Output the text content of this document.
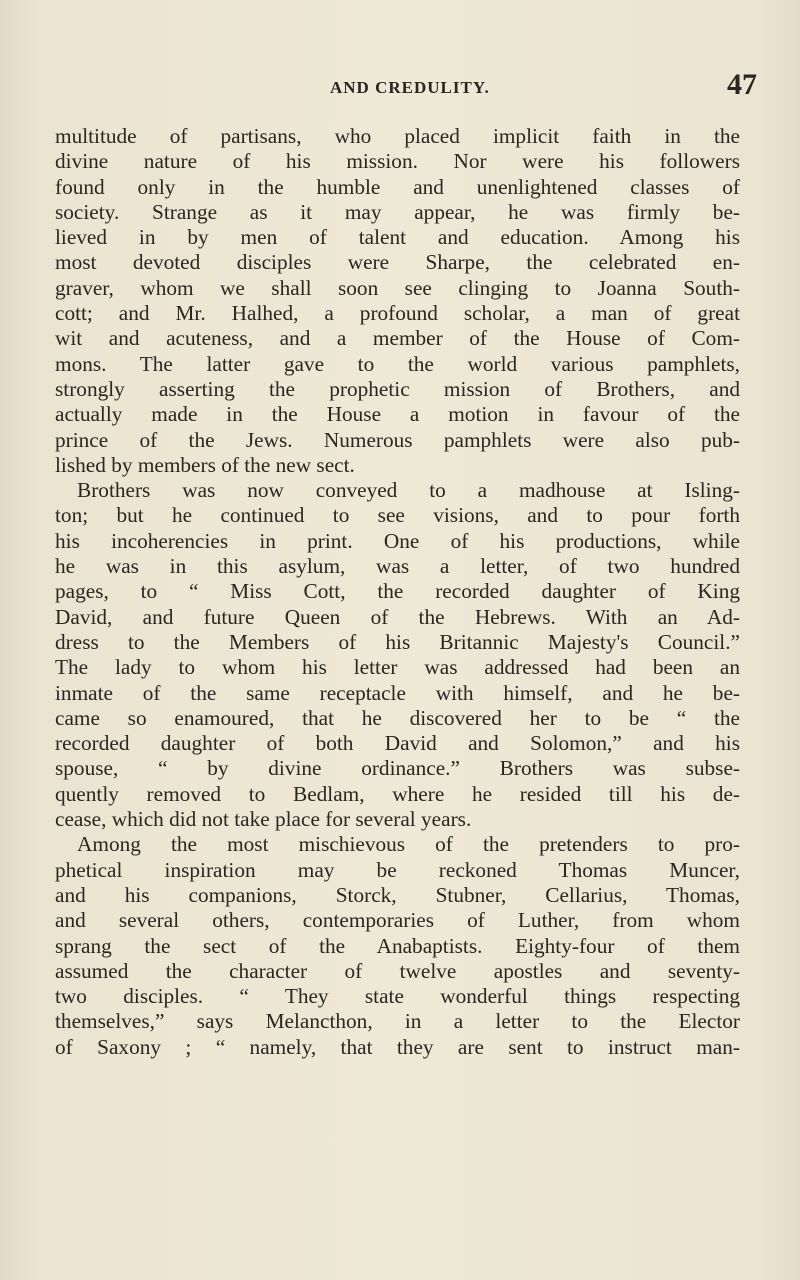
AND CREDULITY.	47
multitude of partisans, who placed implicit faith in the
divine nature of his mission. Nor were his followers
found only in the humble and unenlightened classes of
society. Strange as it may appear, he was firmly be-
lieved in by men of talent and education. Among his
most devoted disciples were Sharpe, the celebrated en-
graver, whom we shall soon see clinging to Joanna South-
cott; and Mr. Halhed, a profound scholar, a man of great
wit and acuteness, and a member of the House of Com-
mons. The latter gave to the world various pamphlets,
strongly asserting the prophetic mission of Brothers, and
actually made in the House a motion in favour of the
prince of the Jews. Numerous pamphlets were also pub-
lished by members of the new sect.
Brothers was now conveyed to a madhouse at Isling-
ton; but he continued to see visions, and to pour forth
his incoherencies in print. One of his productions, while
he was in this asylum, was a letter, of two hundred
pages, to “ Miss Cott, the recorded daughter of King
David, and future Queen of the Hebrews. With an Ad-
dress to the Members of his Britannic Majesty's Council.”
The lady to whom his letter was addressed had been an
inmate of the same receptacle with himself, and he be-
came so enamoured, that he discovered her to be “ the
recorded daughter of both David and Solomon,” and his
spouse, “ by divine ordinance.” Brothers was subse-
quently removed to Bedlam, where he resided till his de-
cease, which did not take place for several years.
Among the most mischievous of the pretenders to pro-
phetical inspiration may be reckoned Thomas Muncer,
and his companions, Storck, Stubner, Cellarius, Thomas,
and several others, contemporaries of Luther, from whom
sprang the sect of the Anabaptists. Eighty-four of them
assumed the character of twelve apostles and seventy-
two disciples. “ They state wonderful things respecting
themselves,” says Melancthon, in a letter to the Elector
of Saxony ; “ namely, that they are sent to instruct man-
